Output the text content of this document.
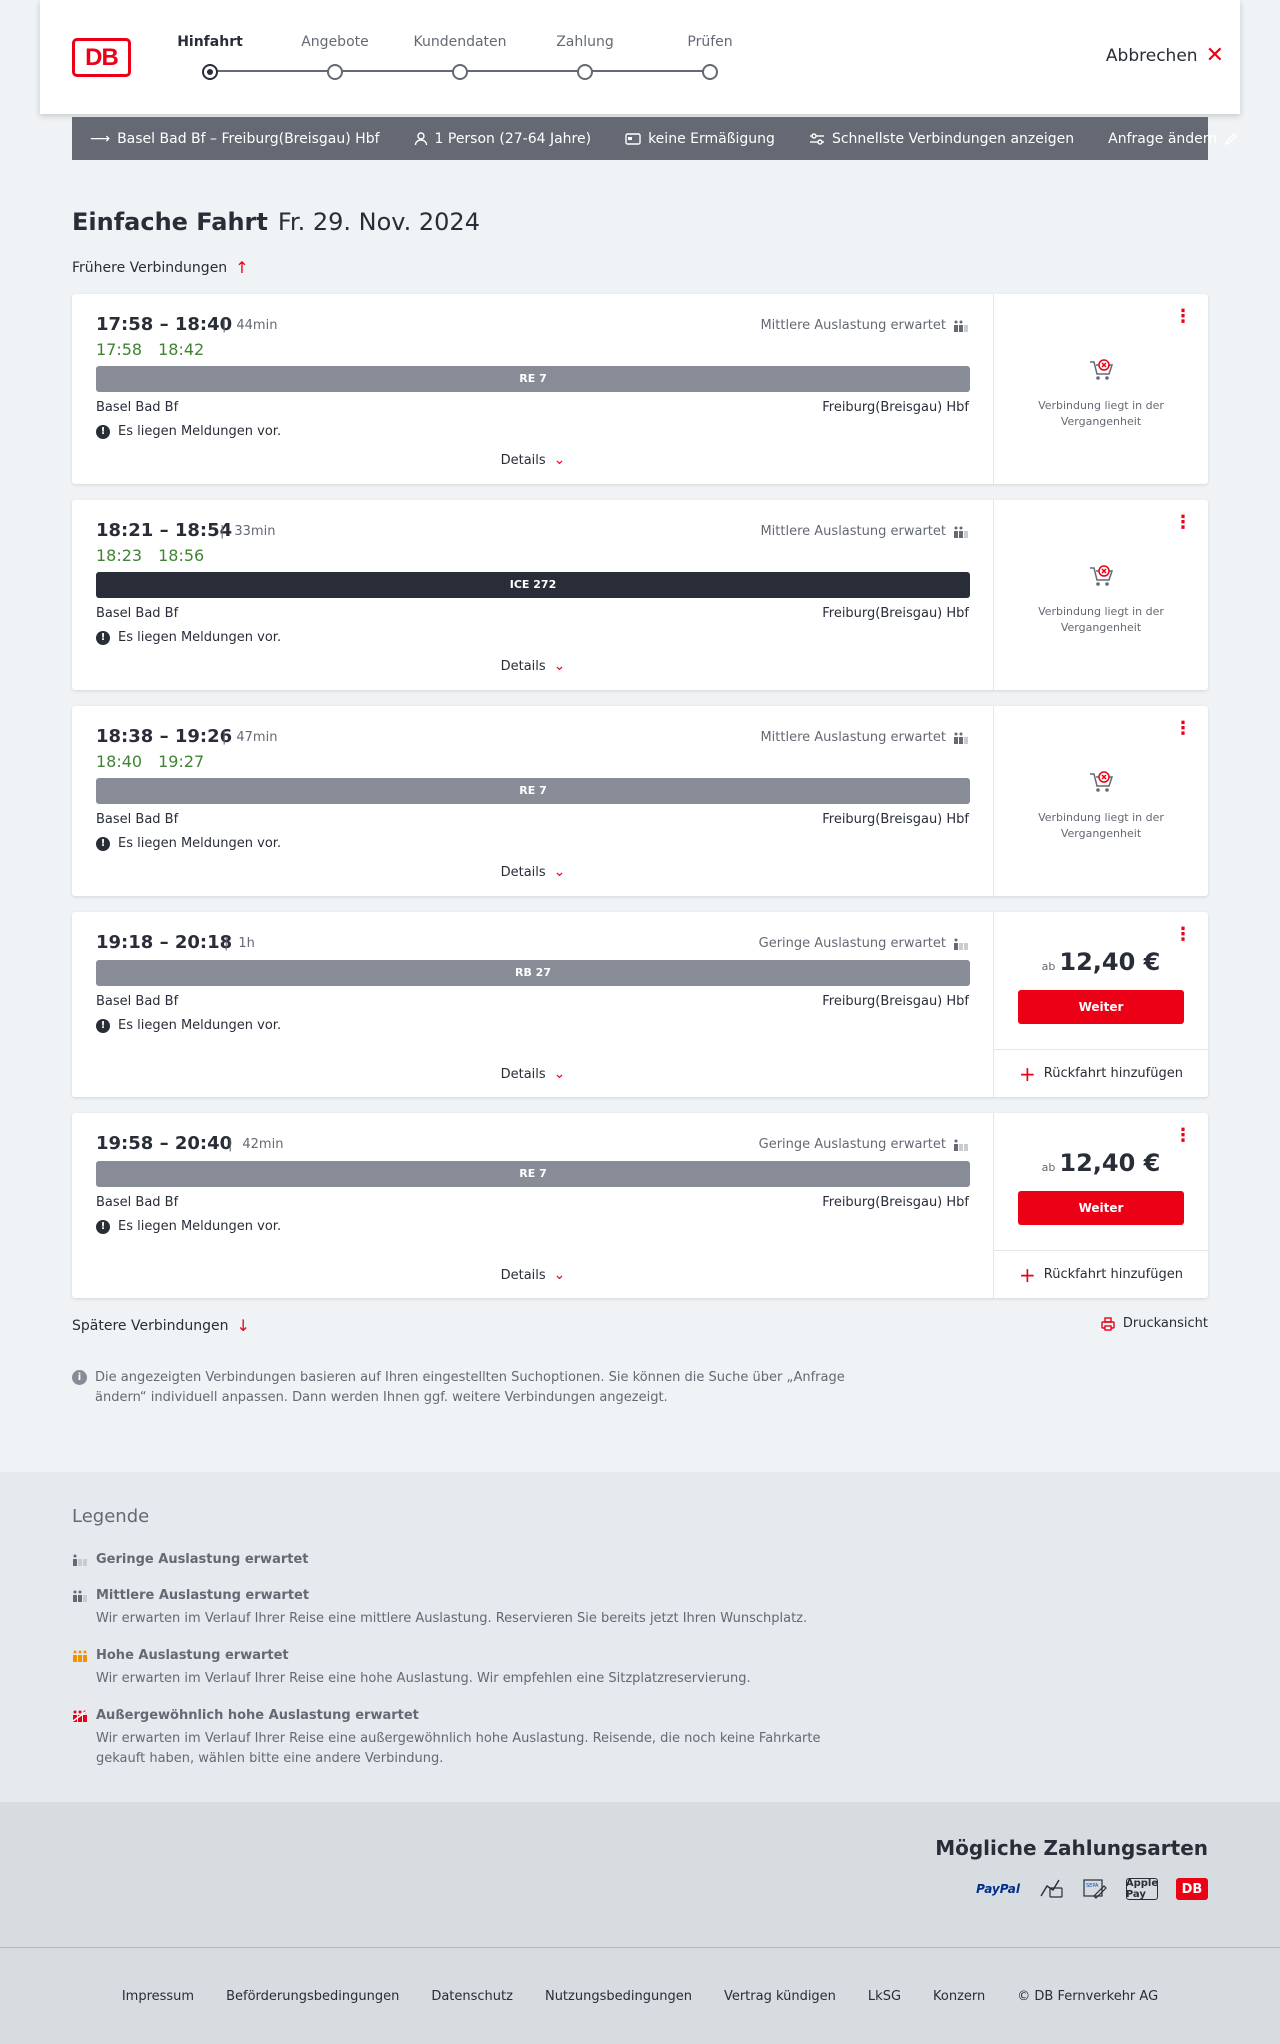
DB
Hinfahrt	Angebote	Kundendaten	Zahlung	Prüfen
Abbrechen ✕
⟶ Basel Bad Bf – Freiburg(Breisgau) Hbf	1 Person (27-64 Jahre)	keine Ermäßigung	Schnellste Verbindungen anzeigen Anfrage ändern
Einfache Fahrt Fr. 29. Nov. 2024
Frühere Verbindungen ↑
17:58 – 18:40 | 44min	Mittlere Auslastung erwartet
17:58 18:42
RE 7
Basel Bad Bf	Freiburg(Breisgau) Hbf
! Es liegen Meldungen vor.
Details ⌄
⋮
Verbindung liegt in der Vergangenheit
18:21 – 18:54 | 33min	Mittlere Auslastung erwartet
18:23 18:56
ICE 272
Basel Bad Bf	Freiburg(Breisgau) Hbf
! Es liegen Meldungen vor.
Details ⌄
⋮
Verbindung liegt in der Vergangenheit
18:38 – 19:26 | 47min	Mittlere Auslastung erwartet
18:40 19:27
RE 7
Basel Bad Bf	Freiburg(Breisgau) Hbf
! Es liegen Meldungen vor.
Details ⌄
⋮
Verbindung liegt in der Vergangenheit
19:18 – 20:18 | 1h	Geringe Auslastung erwartet
RB 27
Basel Bad Bf	Freiburg(Breisgau) Hbf
! Es liegen Meldungen vor.
Details ⌄
⋮
ab 12,40 €
Weiter
+ Rückfahrt hinzufügen
19:58 – 20:40 | 42min	Geringe Auslastung erwartet
RE 7
Basel Bad Bf	Freiburg(Breisgau) Hbf
! Es liegen Meldungen vor.
Details ⌄
⋮
ab 12,40 €
Weiter
+ Rückfahrt hinzufügen
Spätere Verbindungen ↓	Druckansicht
i	Die angezeigten Verbindungen basieren auf Ihren eingestellten Suchoptionen. Sie können die Suche über „Anfrage ändern“ individuell anpassen. Dann werden Ihnen ggf. weitere Verbindungen angezeigt.
Legende
Geringe Auslastung erwartet
Mittlere Auslastung erwartet
Wir erwarten im Verlauf Ihrer Reise eine mittlere Auslastung. Reservieren Sie bereits jetzt Ihren Wunschplatz.
Hohe Auslastung erwartet
Wir erwarten im Verlauf Ihrer Reise eine hohe Auslastung. Wir empfehlen eine Sitzplatzreservierung.
Außergewöhnlich hohe Auslastung erwartet
Wir erwarten im Verlauf Ihrer Reise eine außergewöhnlich hohe Auslastung. Reisende, die noch keine Fahrkarte gekauft haben, wählen bitte eine andere Verbindung.
Mögliche Zahlungsarten
PayPal	SEPA	Apple Pay	DB
Impressum Beförderungsbedingungen Datenschutz Nutzungsbedingungen Vertrag kündigen LkSG Konzern © DB Fernverkehr AG
